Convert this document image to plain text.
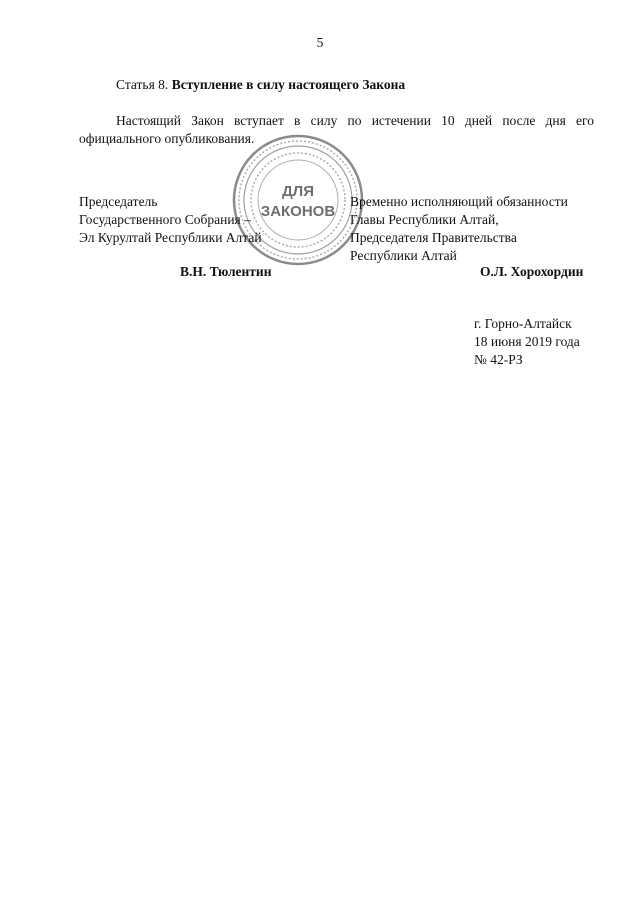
5
Статья 8. Вступление в силу настоящего Закона

Настоящий Закон вступает в силу по истечении 10 дней после дня его официального опубликования.

ДЛЯ
ЗАКОНОВ
Председатель
Государственного Собрания –
Эл Курултай Республики Алтай
Временно исполняющий обязанности
Главы Республики Алтай,
Председателя Правительства
Республики Алтай
В.Н. Тюлентин	О.Л. Хорохордин
г. Горно-Алтайск
18 июня 2019 года
№ 42-РЗ
